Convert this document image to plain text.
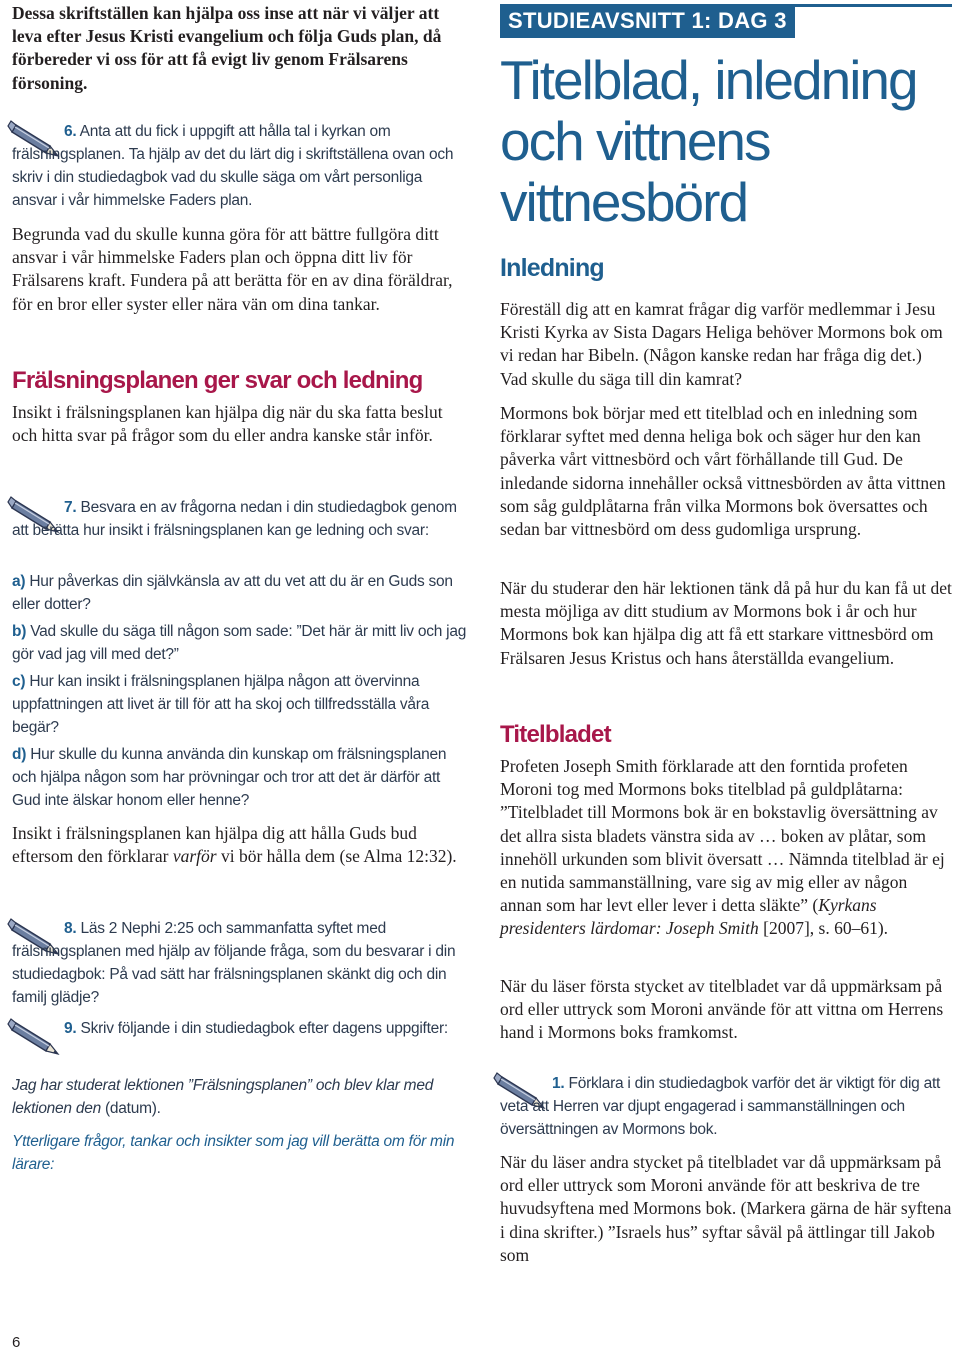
Dessa skriftställen kan hjälpa oss inse att när vi väljer att leva efter Jesus Kristi evangelium och följa Guds plan, då förbereder vi oss för att få evigt liv genom Frälsarens försoning.

6. Anta att du fick i uppgift att hålla tal i kyrkan om frälsningsplanen. Ta hjälp av det du lärt dig i skriftställena ovan och skriv i din studiedagbok vad du skulle säga om vårt personliga ansvar i vår himmelske Faders plan.

Begrunda vad du skulle kunna göra för att bättre fullgöra ditt ansvar i vår himmelske Faders plan och öppna ditt liv för Frälsarens kraft. Fundera på att berätta för en av dina föräldrar, för en bror eller syster eller nära vän om dina tankar.

Frälsningsplanen ger svar och ledning

Insikt i frälsningsplanen kan hjälpa dig när du ska fatta beslut och hitta svar på frågor som du eller andra kanske står inför.

7. Besvara en av frågorna nedan i din studiedagbok genom att berätta hur insikt i frälsningsplanen kan ge ledning och svar:

a) Hur påverkas din självkänsla av att du vet att du är en Guds son eller dotter?

b) Vad skulle du säga till någon som sade: ”Det här är mitt liv och jag gör vad jag vill med det?”

c) Hur kan insikt i frälsningsplanen hjälpa någon att övervinna uppfattningen att livet är till för att ha skoj och tillfredsställa våra begär?

d) Hur skulle du kunna använda din kunskap om frälsningsplanen och hjälpa någon som har prövningar och tror att det är därför att Gud inte älskar honom eller henne?

Insikt i frälsningsplanen kan hjälpa dig att hålla Guds bud eftersom den förklarar varför vi bör hålla dem (se Alma 12:32).

8. Läs 2 Nephi 2:25 och sammanfatta syftet med frälsningsplanen med hjälp av följande fråga, som du besvarar i din studiedagbok: På vad sätt har frälsningsplanen skänkt dig och din familj glädje?

9. Skriv följande i din studiedagbok efter dagens uppgifter:

Jag har studerat lektionen ”Frälsningsplanen” och blev klar med lektionen den (datum).

Ytterligare frågor, tankar och insikter som jag vill berätta om för min lärare:

STUDIEAVSNITT 1: DAG 3
Titelblad, inledning
och vittnens
vittnesbörd
Inledning

Föreställ dig att en kamrat frågar dig varför medlemmar i Jesu Kristi Kyrka av Sista Dagars Heliga behöver Mormons bok om vi redan har Bibeln. (Någon kanske redan har fråga dig det.) Vad skulle du säga till din kamrat?

Mormons bok börjar med ett titelblad och en inledning som förklarar syftet med denna heliga bok och säger hur den kan påverka vårt vittnesbörd och vårt förhållande till Gud. De inledande sidorna innehåller också vittnesbörden av åtta vittnen som såg guldplåtarna från vilka Mormons bok översattes och sedan bar vittnesbörd om dess gudomliga ursprung.

När du studerar den här lektionen tänk då på hur du kan få ut det mesta möjliga av ditt studium av Mormons bok i år och hur Mormons bok kan hjälpa dig att få ett starkare vittnesbörd om Frälsaren Jesus Kristus och hans återställda evangelium.

Titelbladet

Profeten Joseph Smith förklarade att den forntida profeten Moroni tog med Mormons boks titelblad på guldplåtarna: ”Titelbladet till Mormons bok är en bokstavlig översättning av det allra sista bladets vänstra sida av … boken av plåtar, som innehöll urkunden som blivit översatt … Nämnda titelblad är ej en nutida sammanställning, vare sig av mig eller av någon annan som har levt eller lever i detta släkte” (Kyrkans presidenters lärdomar: Joseph Smith [2007], s. 60–61).

När du läser första stycket av titelbladet var då uppmärksam på ord eller uttryck som Moroni använde för att vittna om Herrens hand i Mormons boks framkomst.

1. Förklara i din studiedagbok varför det är viktigt för dig att veta att Herren var djupt engagerad i sammanställningen och översättningen av Mormons bok.

När du läser andra stycket på titelbladet var då uppmärksam på ord eller uttryck som Moroni använde för att beskriva de tre huvudsyftena med Mormons bok. (Markera gärna de här syftena i dina skrifter.) ”Israels hus” syftar såväl på ättlingar till Jakob som

6
